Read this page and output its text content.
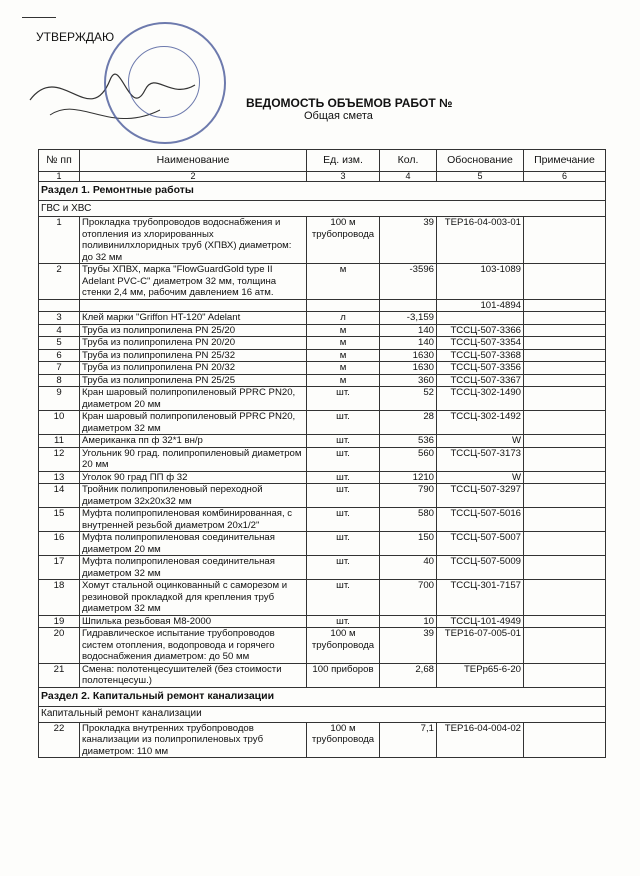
УТВЕРЖДАЮ
ВЕДОМОСТЬ ОБЪЕМОВ РАБОТ №
Общая смета
№ пп	Наименование	Ед. изм.	Кол.	Обоснование	Примечание
1	2	3	4	5	6
Раздел 1. Ремонтные работы					
ГВС и ХВС					
1	Прокладка трубопроводов водоснабжения и отопления из хлорированных поливинилхлоридных труб (ХПВХ) диаметром: до 32 мм	100 м трубопровода	39	ТЕР16-04-003-01	
2	Трубы ХПВХ, марка "FlowGuardGold type II Adelant PVC-C" диаметром 32 мм, толщина стенки 2,4 мм, рабочим давлением 16 атм.	м	-3596	103-1089	
				101-4894	
3	Клей марки "Griffon HT-120" Adelant	л	-3,159		
4	Труба из полипропилена PN 25/20	м	140	ТССЦ-507-3366	
5	Труба из полипропилена PN 20/20	м	140	ТССЦ-507-3354	
6	Труба из полипропилена PN 25/32	м	1630	ТССЦ-507-3368	
7	Труба из полипропилена PN 20/32	м	1630	ТССЦ-507-3356	
8	Труба из полипропилена PN 25/25	м	360	ТССЦ-507-3367	
9	Кран шаровый полипропиленовый PPRC PN20, диаметром 20 мм	шт.	52	ТССЦ-302-1490	
10	Кран шаровый полипропиленовый PPRC PN20, диаметром 32 мм	шт.	28	ТССЦ-302-1492	
11	Американка пп ф 32*1 вн/р	шт.	536	W	
12	Угольник 90 град. полипропиленовый диаметром 20 мм	шт.	560	ТССЦ-507-3173	
13	Уголок 90 град ПП ф 32	шт.	1210	W	
14	Тройник полипропиленовый переходной диаметром 32х20х32 мм	шт.	790	ТССЦ-507-3297	
15	Муфта полипропиленовая комбинированная, с внутренней резьбой диаметром 20х1/2"	шт.	580	ТССЦ-507-5016	
16	Муфта полипропиленовая соединительная диаметром 20 мм	шт.	150	ТССЦ-507-5007	
17	Муфта полипропиленовая соединительная диаметром 32 мм	шт.	40	ТССЦ-507-5009	
18	Хомут стальной оцинкованный с саморезом и резиновой прокладкой для крепления труб диаметром 32 мм	шт.	700	ТССЦ-301-7157	
19	Шпилька резьбовая М8-2000	шт.	10	ТССЦ-101-4949	
20	Гидравлическое испытание трубопроводов систем отопления, водопровода и горячего водоснабжения диаметром: до 50 мм	100 м трубопровода	39	ТЕР16-07-005-01	
21	Смена: полотенцесушителей (без стоимости полотенцесуш.)	100 приборов	2,68	ТЕРр65-6-20	
Раздел 2. Капитальный ремонт канализации					
Капитальный ремонт канализации					
22	Прокладка внутренних трубопроводов канализации из полипропиленовых труб диаметром: 110 мм	100 м трубопровода	7,1	ТЕР16-04-004-02	
